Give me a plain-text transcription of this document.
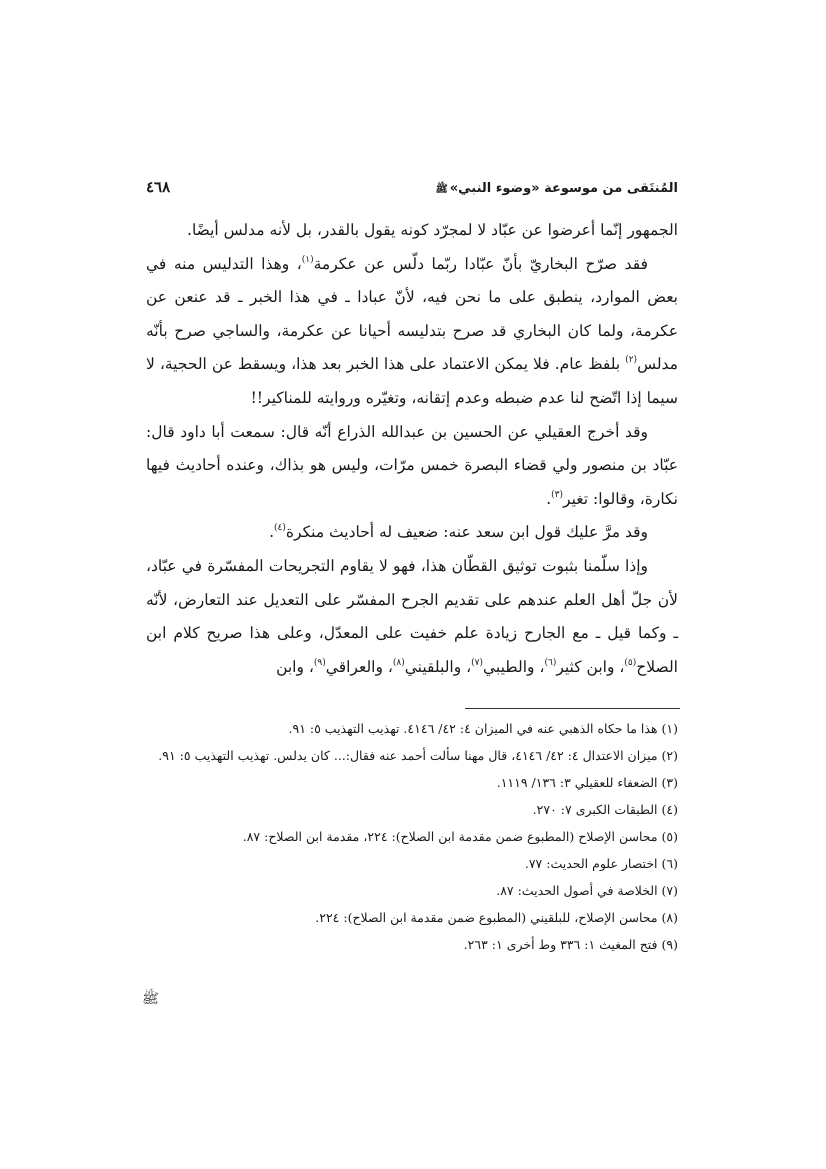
المُنتَقى من موسوعة «وضوء النبي»ﷺ
٤٦٨

الجمهور إنّما أعرضوا عن عبّاد لا لمجرّد كونه يقول بالقدر، بل لأنه مدلس أيضًا.

فقد صرّح البخاريّ بأنّ عبّادا ربّما دلّس عن عكرمة$^{(١)}$، وهذا التدليس منه في بعض الموارد، ينطبق على ما نحن فيه، لأنّ عبادا ـ في هذا الخبر ـ قد عنعن عن عكرمة، ولما كان البخاري قد صرح بتدليسه أحيانا عن عكرمة، والساجي صرح بأنّه مدلس$^{(٢)}$ بلفظ عام. فلا يمكن الاعتماد على هذا الخبر بعد هذا، ويسقط عن الحجية، لا سيما إذا اتّضح لنا عدم ضبطه وعدم إتقانه، وتغيّره وروايته للمناكير!!

وقد أخرج العقيلي عن الحسين بن عبدالله الذراع أنّه قال: سمعت أبا داود قال: عبّاد بن منصور ولي قضاء البصرة خمس مرّات، وليس هو بذاك، وعنده أحاديث فيها نكارة، وقالوا: تغير$^{(٣)}$.

وقد مرَّ عليك قول ابن سعد عنه: ضعيف له أحاديث منكرة$^{(٤)}$.

وإذا سلّمنا بثبوت توثيق القطّان هذا، فهو لا يقاوم التجريحات المفسّرة في عبّاد، لأن جلّ أهل العلم عندهم على تقديم الجرح المفسّر على التعديل عند التعارض، لأنّه ـ وكما قيل ـ مع الجارح زيادة علم خفيت على المعدّل، وعلى هذا صريح كلام ابن الصلاح$^{(٥)}$، وابن كثير$^{(٦)}$، والطيبي$^{(٧)}$، والبلقيني$^{(٨)}$، والعراقي$^{(٩)}$، وابن

(١) هذا ما حكاه الذهبي عنه في الميزان ٤: ٤٢/ ٤١٤٦. تهذيب التهذيب ٥: ٩١.
(٢) ميزان الاعتدال ٤: ٤٢/ ٤١٤٦، قال مهنا سألت أحمد عنه فقال:... كان يدلس. تهذيب التهذيب ٥: ٩١.
(٣) الضعفاء للعقيلي ٣: ١٣٦/ ١١١٩.
(٤) الطبقات الكبرى ٧: ٢٧٠.
(٥) محاسن الإصلاح (المطبوع ضمن مقدمة ابن الصلاح): ٢٢٤، مقدمة ابن الصلاح: ٨٧.
(٦) اختصار علوم الحديث: ٧٧.
(٧) الخلاصة في أصول الحديث: ٨٧.
(٨) محاسن الإصلاح، للبلقيني (المطبوع ضمن مقدمة ابن الصلاح): ٢٢٤.
(٩) فتح المغيث ١: ٣٣٦ وط أخرى ١: ٢٦٣.
ﷺ
